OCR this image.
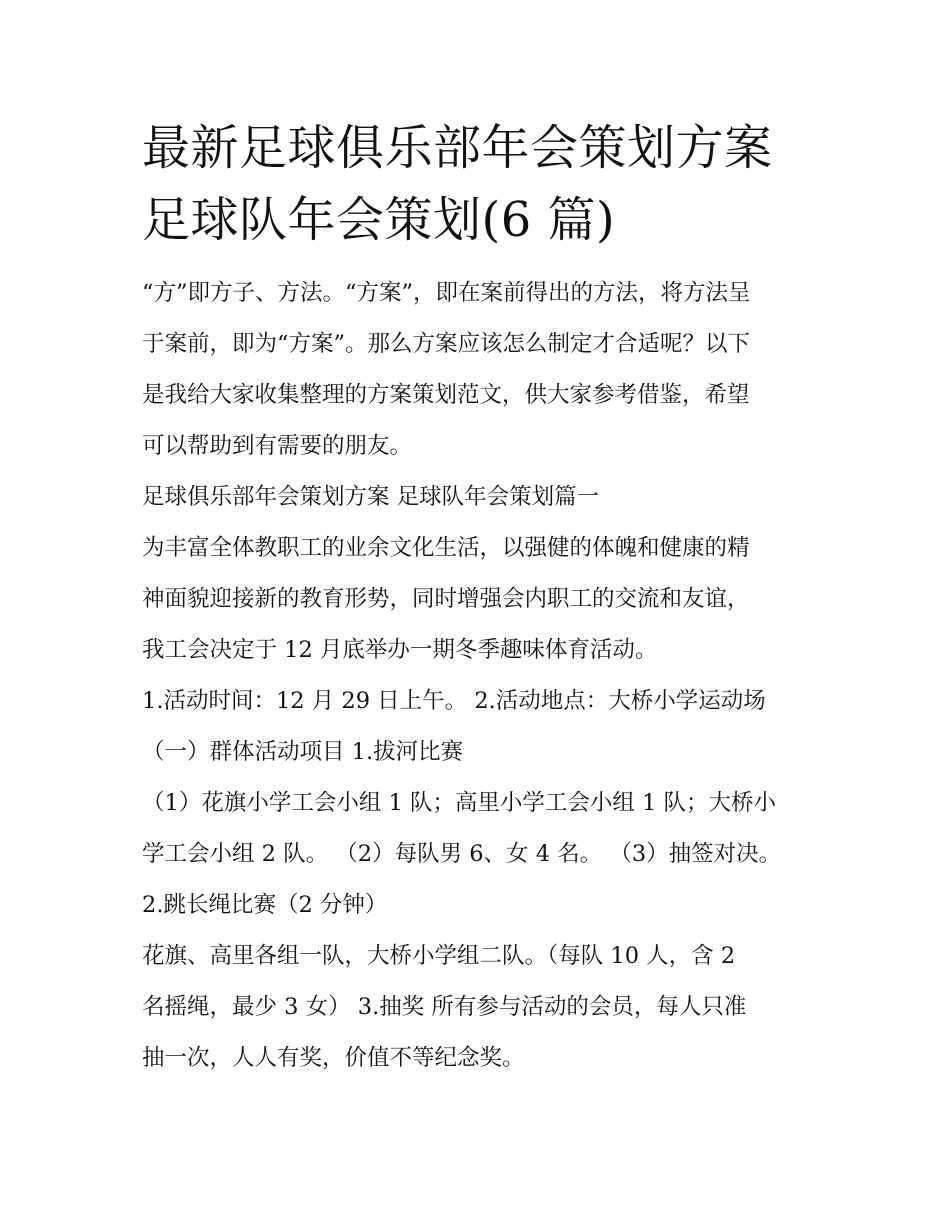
最新足球俱乐部年会策划方案
足球队年会策划(6 篇)
“方”即方子、方法。“方案”，即在案前得出的方法，将方法呈
于案前，即为“方案”。那么方案应该怎么制定才合适呢？以下
是我给大家收集整理的方案策划范文，供大家参考借鉴，希望
可以帮助到有需要的朋友。
足球俱乐部年会策划方案 足球队年会策划篇一
为丰富全体教职工的业余文化生活，以强健的体魄和健康的精
神面貌迎接新的教育形势，同时增强会内职工的交流和友谊，
我工会决定于 12 月底举办一期冬季趣味体育活动。
1.活动时间：12 月 29 日上午。 2.活动地点：大桥小学运动场
（一）群体活动项目 1.拔河比赛
（1）花旗小学工会小组 1 队；高里小学工会小组 1 队；大桥小
学工会小组 2 队。 （2）每队男 6、女 4 名。 （3）抽签对决。
2.跳长绳比赛（2 分钟）
花旗、高里各组一队，大桥小学组二队。（每队 10 人，含 2
名摇绳，最少 3 女） 3.抽奖 所有参与活动的会员，每人只准
抽一次，人人有奖，价值不等纪念奖。
